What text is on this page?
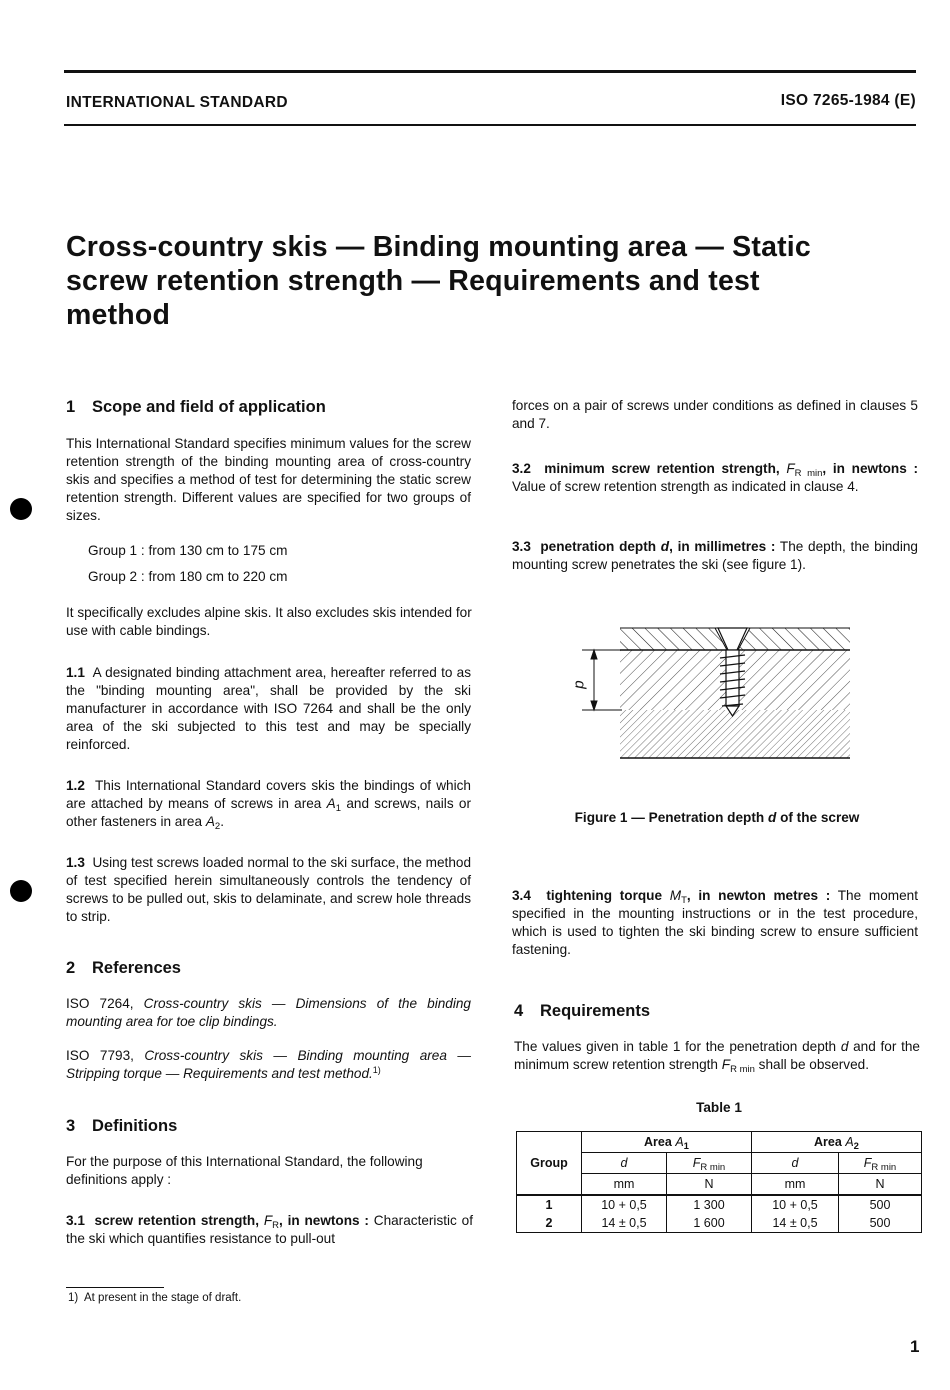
INTERNATIONAL STANDARD	ISO 7265-1984 (E)
Cross-country skis — Binding mounting area — Static
screw retention strength — Requirements and test
method
1 Scope and field of application
This International Standard specifies minimum values for the screw retention strength of the binding mounting area of cross-country skis and specifies a method of test for determining the static screw retention strength. Different values are specified for two groups of sizes.
Group 1 : from 130 cm to 175 cm
Group 2 : from 180 cm to 220 cm
It specifically excludes alpine skis. It also excludes skis intended for use with cable bindings.
1.1 A designated binding attachment area, hereafter referred to as the "binding mounting area", shall be provided by the ski manufacturer in accordance with ISO 7264 and shall be the only area of the ski subjected to this test and may be specially reinforced.
1.2 This International Standard covers skis the bindings of which are attached by means of screws in area $A_1$ and screws, nails or other fasteners in area $A_2$.
1.3 Using test screws loaded normal to the ski surface, the method of test specified herein simultaneously controls the tendency of screws to be pulled out, skis to delaminate, and screw hole threads to strip.
2 References
ISO 7264, Cross-country skis — Dimensions of the binding mounting area for toe clip bindings.
ISO 7793, Cross-country skis — Binding mounting area — Stripping torque — Requirements and test method.$^{1)}$
3 Definitions
For the purpose of this International Standard, the following definitions apply :
3.1 screw retention strength, $F_R$, in newtons : Characteristic of the ski which quantifies resistance to pull-out
1) At present in the stage of draft.
forces on a pair of screws under conditions as defined in clauses 5 and 7.
3.2 minimum screw retention strength, $F_{R min}$, in newtons : Value of screw retention strength as indicated in clause 4.
3.3 penetration depth d, in millimetres : The depth, the binding mounting screw penetrates the ski (see figure 1).
d
Figure 1 — Penetration depth d of the screw
3.4 tightening torque $M_T$, in newton metres : The moment specified in the mounting instructions or in the test procedure, which is used to tighten the ski binding screw to ensure sufficient fastening.
4 Requirements
The values given in table 1 for the penetration depth d and for the minimum screw retention strength $F_{R min}$ shall be observed.
Table 1
	Area $A_1$		Area $A_2$
Group	d	$F_{R min}$	d	$F_{R min}$
	mm	N	mm	N
1	10 + 0,5	1 300	10 + 0,5	500
2	14 ± 0,5	1 600	14 ± 0,5	500
1
